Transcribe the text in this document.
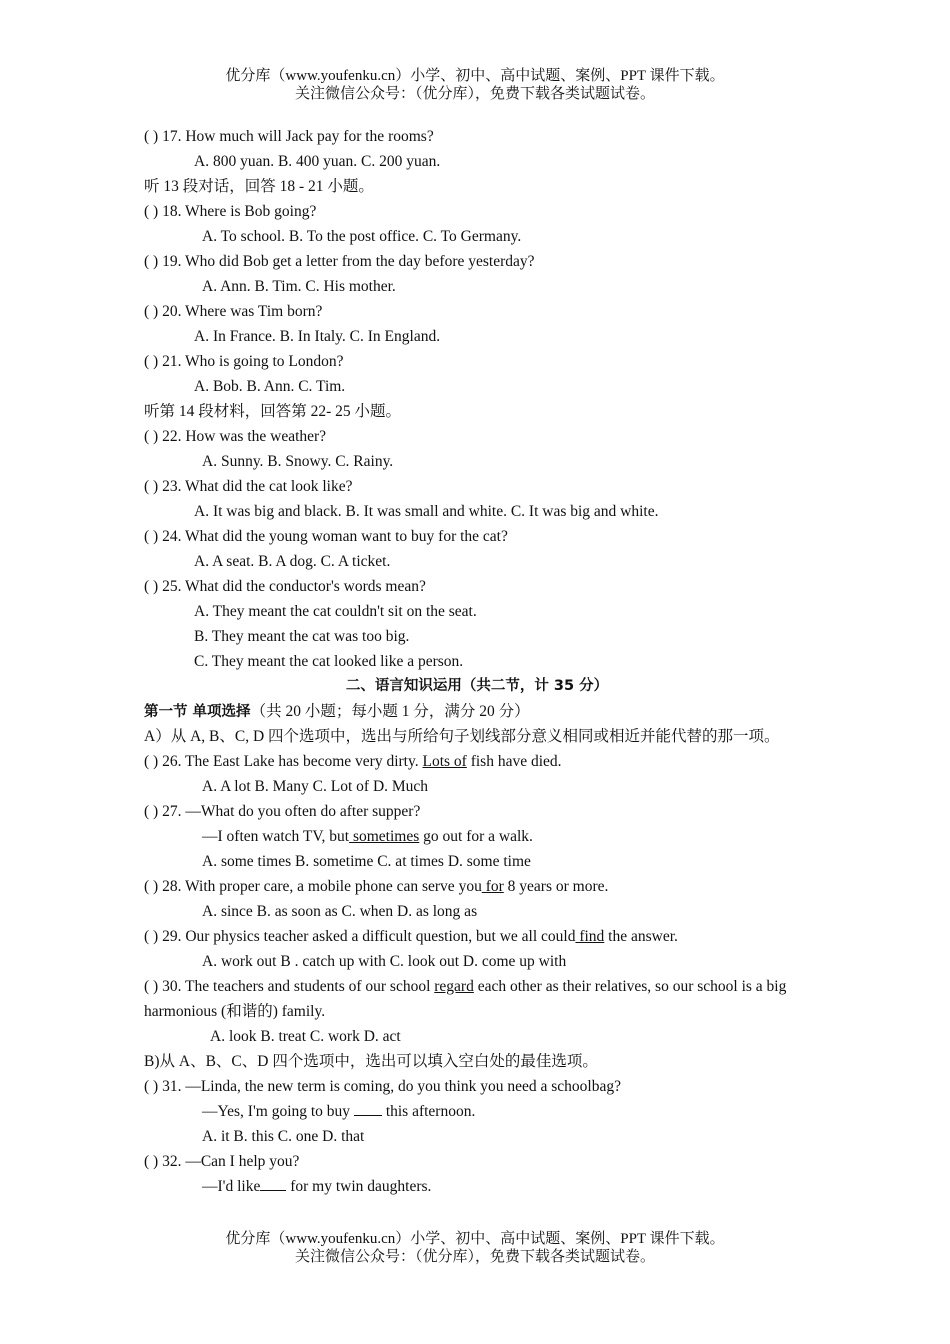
优分库（www.youfenku.cn）小学、初中、高中试题、案例、PPT 课件下载。
关注微信公众号：（优分库），免费下载各类试题试卷。
( ) 17. How much will Jack pay for the rooms?
A. 800 yuan. B. 400 yuan. C. 200 yuan.
听 13 段对话，回答 18 - 21 小题。
( ) 18. Where is Bob going?
A. To school. B. To the post office. C. To Germany.
( ) 19. Who did Bob get a letter from the day before yesterday?
A. Ann. B. Tim. C. His mother.
( ) 20. Where was Tim born?
A. In France. B. In Italy. C. In England.
( ) 21. Who is going to London?
A. Bob. B. Ann. C. Tim.
听第 14 段材料，回答第 22- 25 小题。
( ) 22. How was the weather?
A. Sunny. B. Snowy. C. Rainy.
( ) 23. What did the cat look like?
A. It was big and black. B. It was small and white. C. It was big and white.
( ) 24. What did the young woman want to buy for the cat?
A. A seat. B. A dog. C. A ticket.
( ) 25. What did the conductor's words mean?
A. They meant the cat couldn't sit on the seat.
B. They meant the cat was too big.
C. They meant the cat looked like a person.
二、语言知识运用（共二节，计 35 分）
第一节 单项选择（共 20 小题；每小题 1 分，满分 20 分）
A）从 A, B、C, D 四个选项中，选出与所给句子划线部分意义相同或相近并能代替的那一项。
( ) 26. The East Lake has become very dirty. Lots of fish have died.
A. A lot B. Many C. Lot of D. Much
( ) 27. —What do you often do after supper?
—I often watch TV, but sometimes go out for a walk.
A. some times B. sometime C. at times D. some time
( ) 28. With proper care, a mobile phone can serve you for 8 years or more.
A. since B. as soon as C. when D. as long as
( ) 29. Our physics teacher asked a difficult question, but we all could find the answer.
A. work out B . catch up with C. look out D. come up with
( ) 30. The teachers and students of our school regard each other as their relatives, so our school is a big harmonious (和谐的) family.
A. look B. treat C. work D. act
B)从 A、B、C、D 四个选项中，选出可以填入空白处的最佳选项。
( ) 31. —Linda, the new term is coming, do you think you need a schoolbag?
—Yes, I'm going to buy  this afternoon.
A. it B. this C. one D. that
( ) 32. —Can I help you?
—I'd like for my twin daughters.
优分库（www.youfenku.cn）小学、初中、高中试题、案例、PPT 课件下载。
关注微信公众号：（优分库），免费下载各类试题试卷。
